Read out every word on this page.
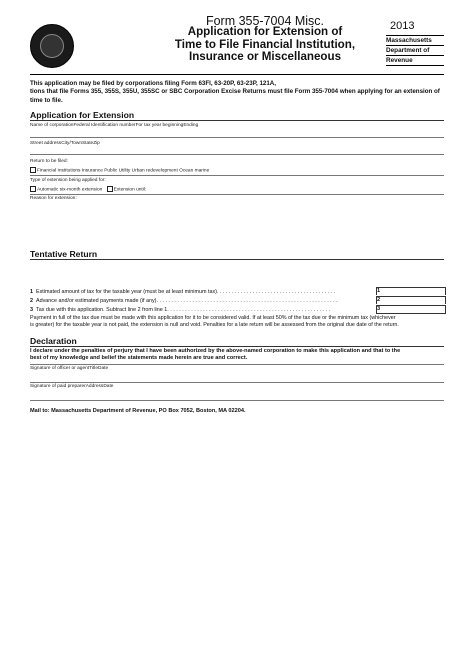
Form 355-7004 Misc.
Application for Extension of
Time to File Financial Institution,
Insurance or Miscellaneous
2013
Massachusetts
Department of
Revenue
This application may be filed by corporations filing Form 63FI, 63-20P, 63-23P, 121A,
tions that file Forms 355, 355S, 355U, 355SC or SBC Corporation Excise Returns must file Form 355-7004 when applying for an extension of
time to file.
Application for Extension
Name of corporationFederal Identification numberFor tax year beginningEnding
Street addressCity/TownStateZip
Return to be filed:
Financial Institutions Insurance Public Utility Urban redevelopment Ocean marine
Type of extension being applied for:
Automatic six-month extension Extension until:
Reason for extension:
Tentative Return
1 Estimated amount of tax for the taxable year (must be at least minimum tax). . . . . . . . . . . . . . . . . . . . . . . . . . . . . . . . . . . . . . . .	1
2 Advance and/or estimated payments made (if any). . . . . . . . . . . . . . . . . . . . . . . . . . . . . . . . . . . . . . . . . . . . . . . . . . . . . . . . . . . . .	2
3 Tax due with this application. Subtract line 2 from line 1. . . . . . . . . . . . . . . . . . . . . . . . . . . . . . . . . . . . . . . . . . . . . . . . . . . . . . .	3
Payment in full of the tax due must be made with this application for it to be considered valid. If at least 50% of the tax due or the minimum tax (whichever
is greater) for the taxable year is not paid, the extension is null and void. Penalties for a late return will be assessed from the original due date of the return.
Declaration
I declare under the penalties of perjury that I have been authorized by the above-named corporation to make this application and that to the
best of my knowledge and belief the statements made herein are true and correct.
Signature of officer or agentTitleDate
Signature of paid preparerAddressDate
Mail to: Massachusetts Department of Revenue, PO Box 7052, Boston, MA 02204.
